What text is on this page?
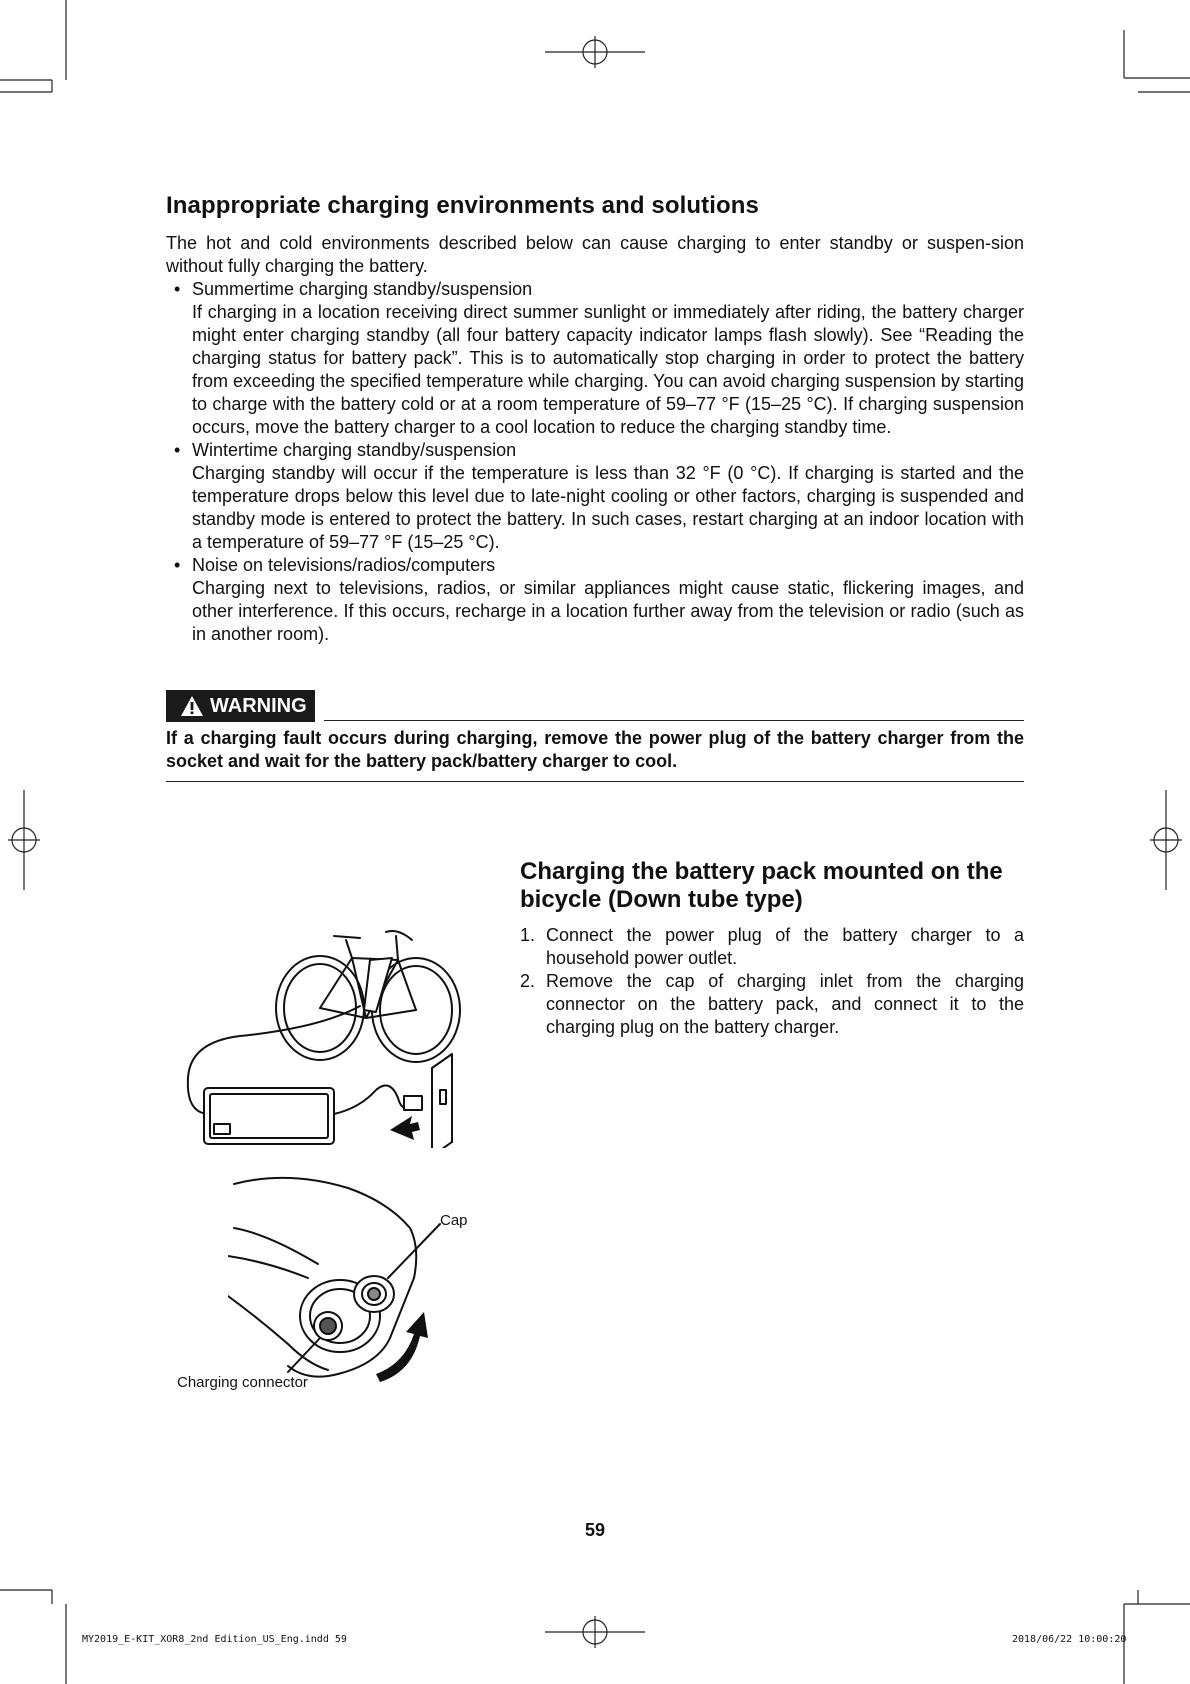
Inappropriate charging environments and solutions

The hot and cold environments described below can cause charging to enter standby or suspen-sion without fully charging the battery.

• Summertime charging standby/suspension
If charging in a location receiving direct summer sunlight or immediately after riding, the battery charger might enter charging standby (all four battery capacity indicator lamps flash slowly). See “Reading the charging status for battery pack”. This is to automatically stop charging in order to protect the battery from exceeding the specified temperature while charging. You can avoid charging suspension by starting to charge with the battery cold or at a room temperature of 59–77 °F (15–25 °C). If charging suspension occurs, move the battery charger to a cool location to reduce the charging standby time.
• Wintertime charging standby/suspension
Charging standby will occur if the temperature is less than 32 °F (0 °C). If charging is started and the temperature drops below this level due to late-night cooling or other factors, charging is suspended and standby mode is entered to protect the battery. In such cases, restart charging at an indoor location with a temperature of 59–77 °F (15–25 °C).
• Noise on televisions/radios/computers
Charging next to televisions, radios, or similar appliances might cause static, flickering images, and other interference. If this occurs, recharge in a location further away from the television or radio (such as in another room).
WARNING
If a charging fault occurs during charging, remove the power plug of the battery charger from the socket and wait for the battery pack/battery charger to cool.
Charging the battery pack mounted on the bicycle (Down tube type)
1. Connect the power plug of the battery charger to a household power outlet.
2. Remove the cap of charging inlet from the charging connector on the battery pack, and connect it to the charging plug on the battery charger.
Cap
Charging connector
59
MY2019_E-KIT_XOR8_2nd Edition_US_Eng.indd 59	2018/06/22 10:00:20
